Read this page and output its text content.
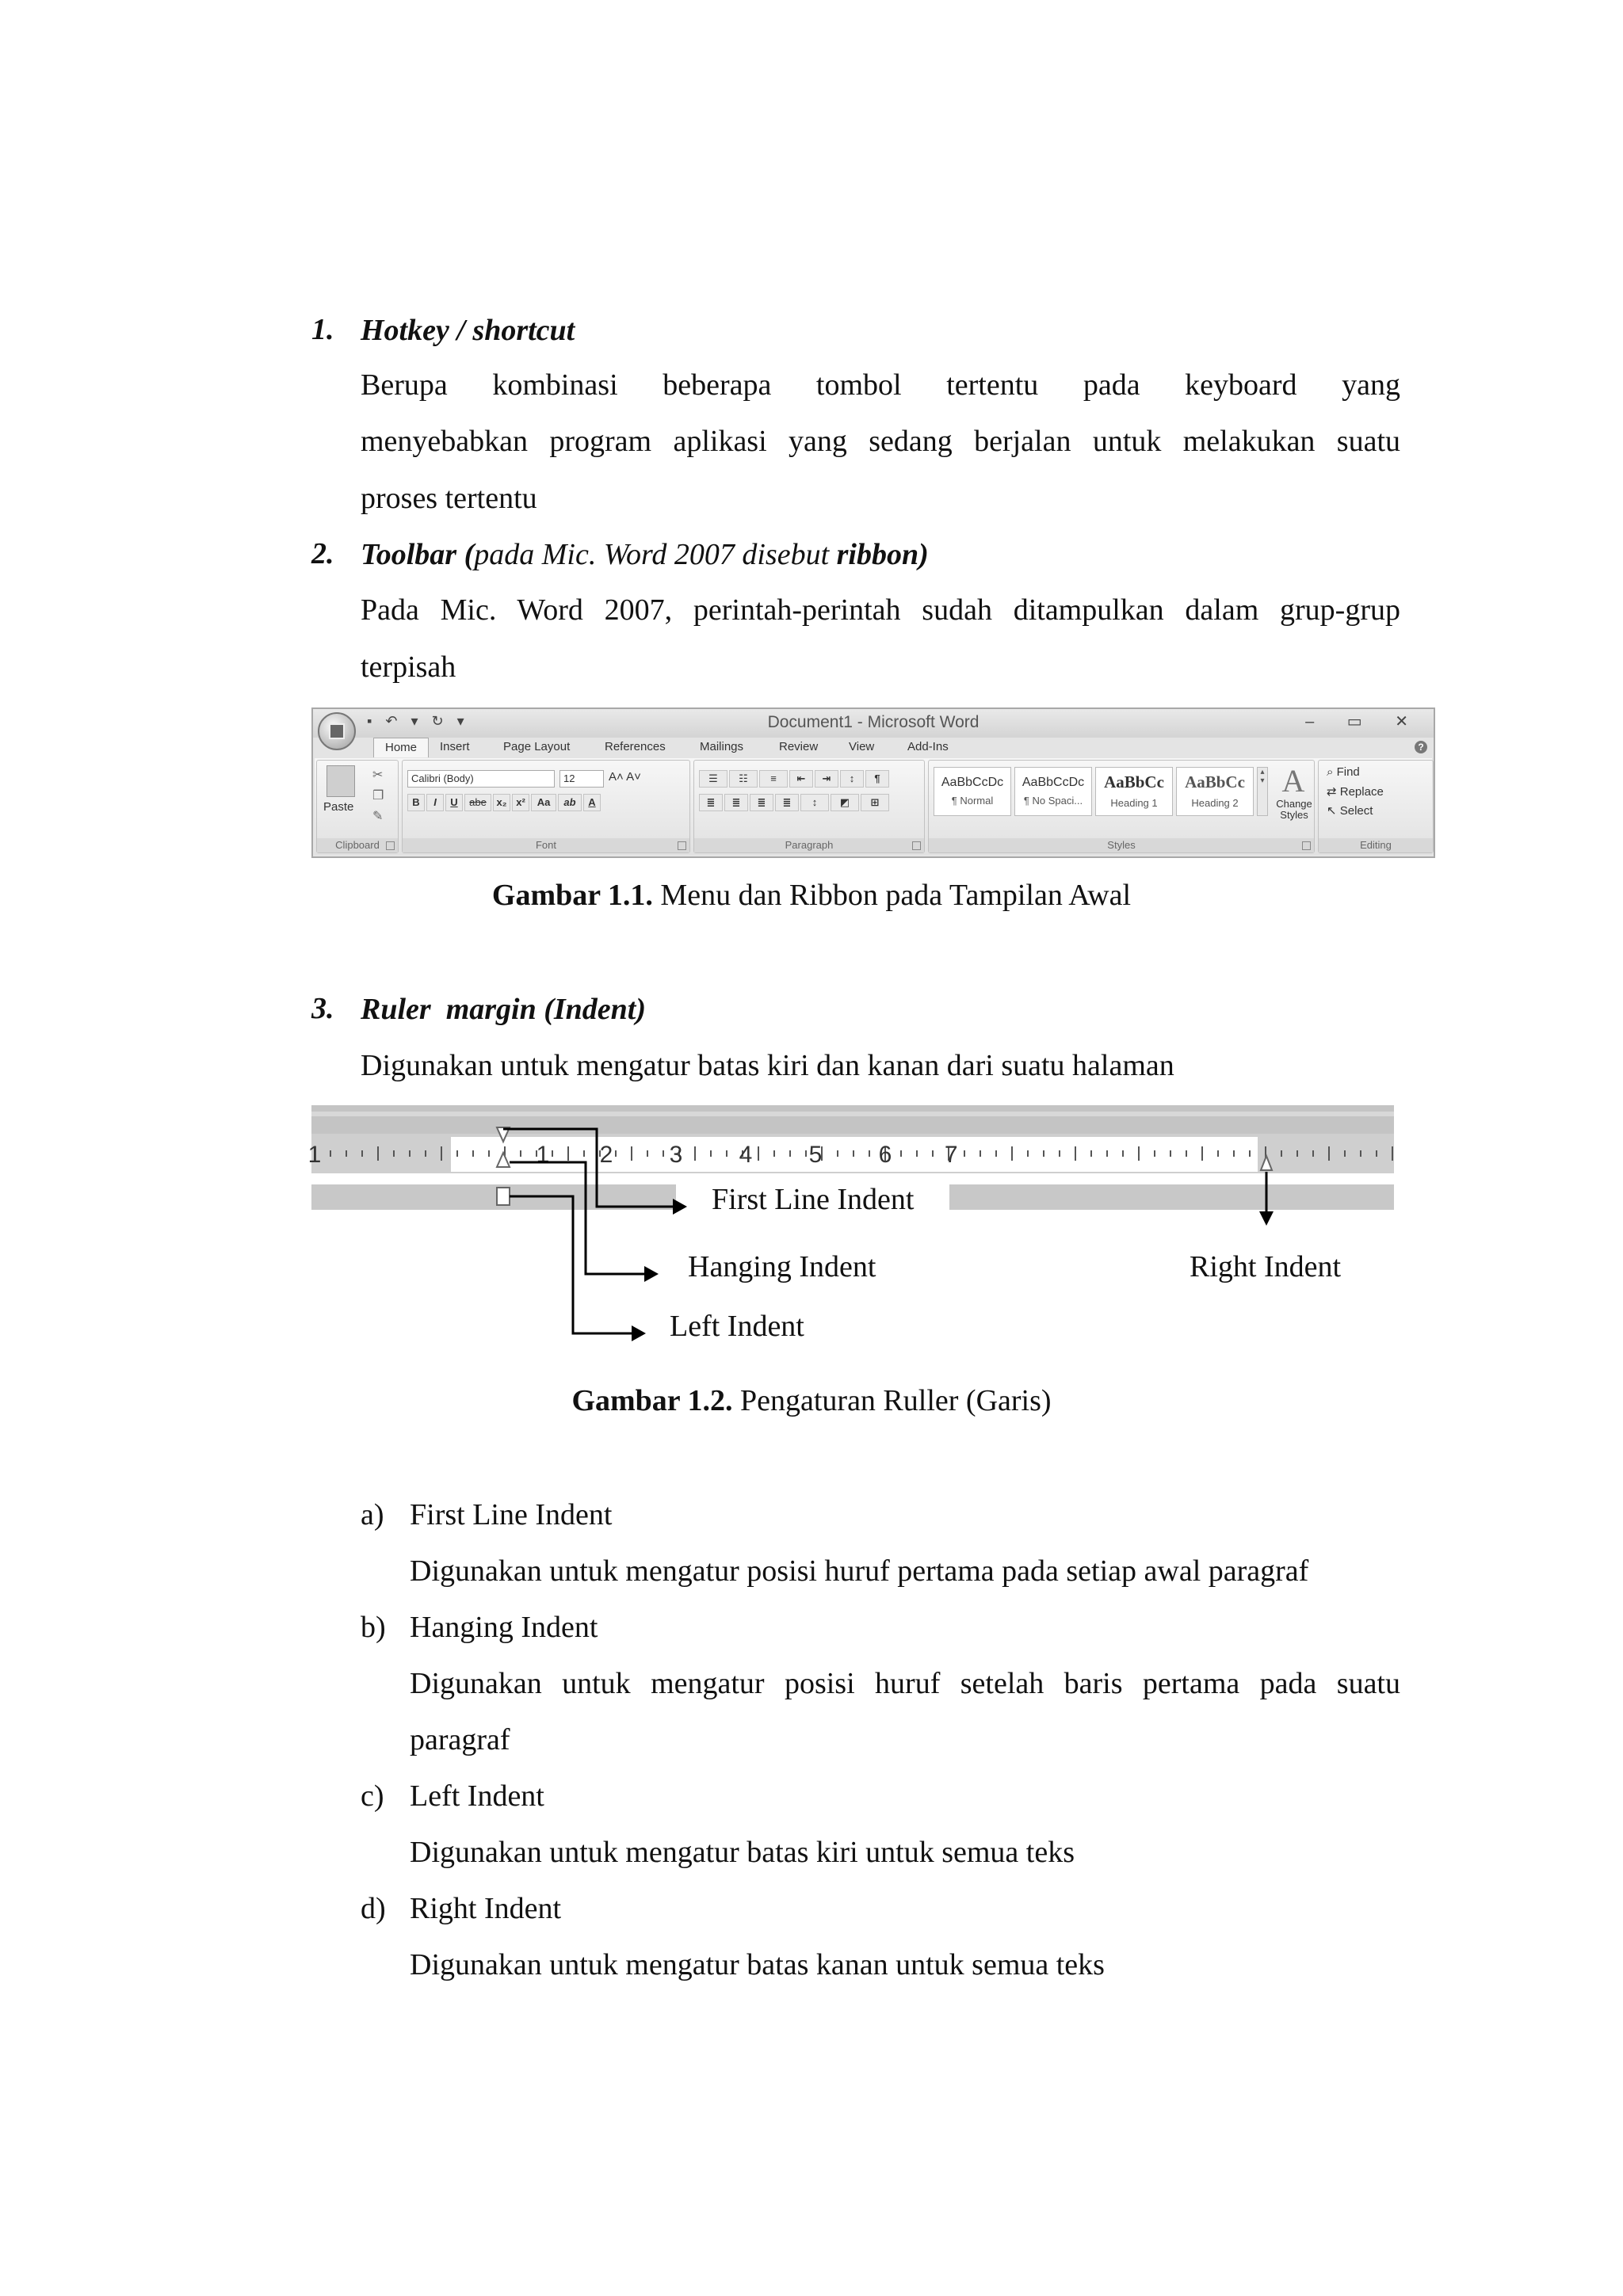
1. Hotkey / shortcut
Berupa kombinasi beberapa tombol tertentu pada keyboard yang
menyebabkan program aplikasi yang sedang berjalan untuk melakukan suatu
proses tertentu
2. Toolbar (pada Mic. Word 2007 disebut ribbon)
Pada Mic. Word 2007, perintah-perintah sudah ditampulkan dalam grup-grup
terpisah
▪ ↶ ▾ ↻ ▾	Document1 - Microsoft Word	– ▭ ✕
Home	Insert	Page Layout	References	Mailings	Review	View	Add-Ins	?
Paste
✂
❐
✎
Clipboard
Calibri (Body)	12	A˄ A˅
B I U abe x₂ x² Aa ab A
Font
☰ ☷ ≡ ⇤ ⇥ ↕ ¶
≣ ≣ ≣ ≣ ↕ ◩ ⊞
Paragraph
AaBbCcDc
¶ Normal
AaBbCcDc
¶ No Spaci...
AaBbCc
Heading 1
AaBbCc
Heading 2
▴
▾ A
Change Styles
Styles
⌕ Find
⇄ Replace
↖ Select
Editing
Gambar 1.1. Menu dan Ribbon pada Tampilan Awal
3. Ruler  margin (Indent)
Digunakan untuk mengatur batas kiri dan kanan dari suatu halaman
1	1 2 3 4 5 6 7
First Line Indent
Hanging Indent	Right Indent
Left Indent
Gambar 1.2. Pengaturan Ruller (Garis)
a) First Line Indent
Digunakan untuk mengatur posisi huruf pertama pada setiap awal paragraf
b) Hanging Indent
Digunakan untuk mengatur posisi huruf setelah baris pertama pada suatu
paragraf
c) Left Indent
Digunakan untuk mengatur batas kiri untuk semua teks
d) Right Indent
Digunakan untuk mengatur batas kanan untuk semua teks
